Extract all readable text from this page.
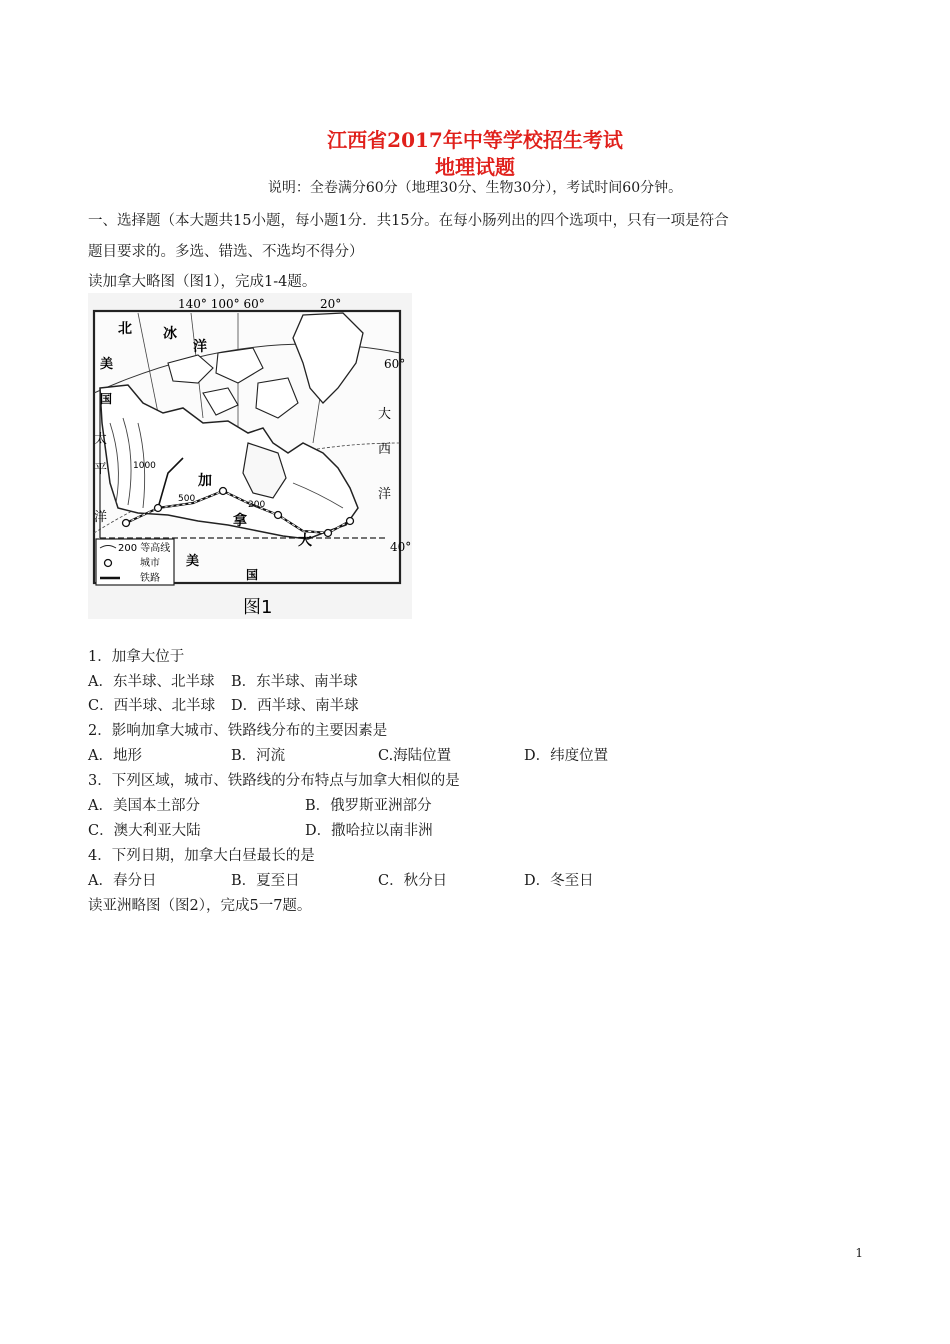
江西省2017年中等学校招生考试
地理试题
说明：全卷满分60分（地理30分、生物30分），考试时间60分钟。
一、选择题（本大题共15小题，每小题1分．共15分。在每小肠列出的四个选项中，只有一项是符合
题目要求的。多选、错选、不选均不得分）
读加拿大略图（图1），完成1-4题。
140° 100° 60°	20°
60°
40°
北 冰
洋
美
国
太
平
洋
加
拿
大
大
西
洋
美
国
1000
500
200
200 等高线
城市
铁路
图1
1．加拿大位于
A．东半球、北半球 B．东半球、南半球
C．西半球、北半球 D．西半球、南半球
2．影响加拿大城市、铁路线分布的主要因素是
A．地形	B．河流	C.海陆位置	D．纬度位置
3．下列区域，城市、铁路线的分布特点与加拿大相似的是
A．美国本土部分	B．俄罗斯亚洲部分
C．澳大利亚大陆	D．撒哈拉以南非洲
4．下列日期，加拿大白昼最长的是
A．春分日	B．夏至日	C．秋分日	D．冬至日
读亚洲略图（图2），完成5一7题。
1
